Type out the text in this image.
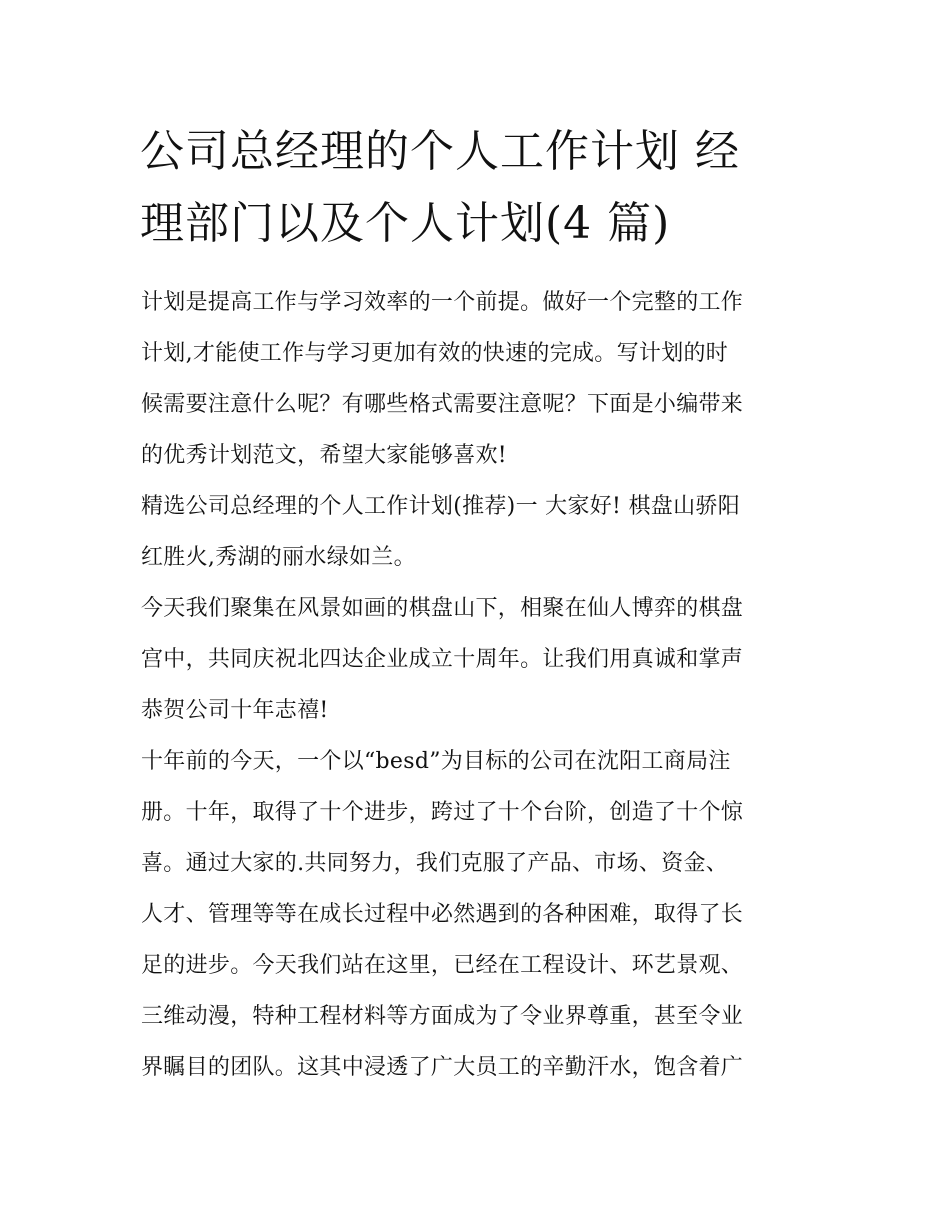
公司总经理的个人工作计划 经
理部门以及个人计划(4 篇)
计划是提高工作与学习效率的一个前提。做好一个完整的工作
计划,才能使工作与学习更加有效的快速的完成。写计划的时
候需要注意什么呢？有哪些格式需要注意呢？下面是小编带来
的优秀计划范文，希望大家能够喜欢!
精选公司总经理的个人工作计划(推荐)一 大家好! 棋盘山骄阳
红胜火,秀湖的丽水绿如兰。
今天我们聚集在风景如画的棋盘山下，相聚在仙人博弈的棋盘
宫中，共同庆祝北四达企业成立十周年。让我们用真诚和掌声
恭贺公司十年志禧!
十年前的今天，一个以“besd”为目标的公司在沈阳工商局注
册。十年，取得了十个进步，跨过了十个台阶，创造了十个惊
喜。通过大家的.共同努力，我们克服了产品、市场、资金、
人才、管理等等在成长过程中必然遇到的各种困难，取得了长
足的进步。今天我们站在这里，已经在工程设计、环艺景观、
三维动漫，特种工程材料等方面成为了令业界尊重，甚至令业
界瞩目的团队。这其中浸透了广大员工的辛勤汗水，饱含着广
